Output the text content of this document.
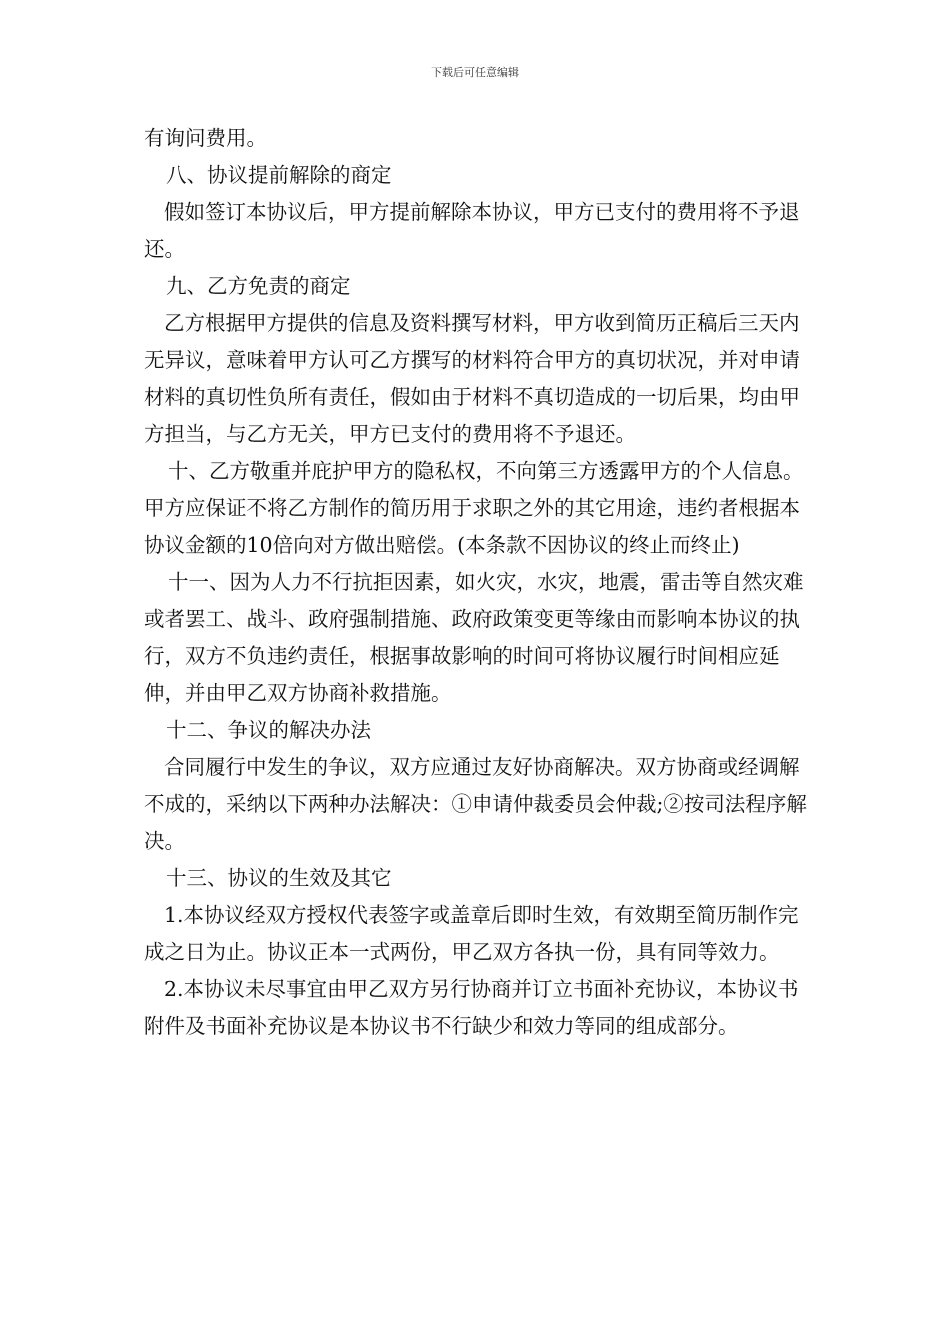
下载后可任意编辑

有询问费用。

八、协议提前解除的商定

假如签订本协议后，甲方提前解除本协议，甲方已支付的费用将不予退还。

九、乙方免责的商定

乙方根据甲方提供的信息及资料撰写材料，甲方收到简历正稿后三天内无异议，意味着甲方认可乙方撰写的材料符合甲方的真切状况，并对申请材料的真切性负所有责任，假如由于材料不真切造成的一切后果，均由甲方担当，与乙方无关，甲方已支付的费用将不予退还。

十、乙方敬重并庇护甲方的隐私权，不向第三方透露甲方的个人信息。甲方应保证不将乙方制作的简历用于求职之外的其它用途，违约者根据本协议金额的10倍向对方做出赔偿。(本条款不因协议的终止而终止)

十一、因为人力不行抗拒因素，如火灾，水灾，地震，雷击等自然灾难或者罢工、战斗、政府强制措施、政府政策变更等缘由而影响本协议的执行，双方不负违约责任，根据事故影响的时间可将协议履行时间相应延伸，并由甲乙双方协商补救措施。

十二、争议的解决办法

合同履行中发生的争议，双方应通过友好协商解决。双方协商或经调解不成的，采纳以下两种办法解决：①申请仲裁委员会仲裁;②按司法程序解决。

十三、协议的生效及其它

1.本协议经双方授权代表签字或盖章后即时生效，有效期至简历制作完成之日为止。协议正本一式两份，甲乙双方各执一份，具有同等效力。

2.本协议未尽事宜由甲乙双方另行协商并订立书面补充协议，本协议书附件及书面补充协议是本协议书不行缺少和效力等同的组成部分。
